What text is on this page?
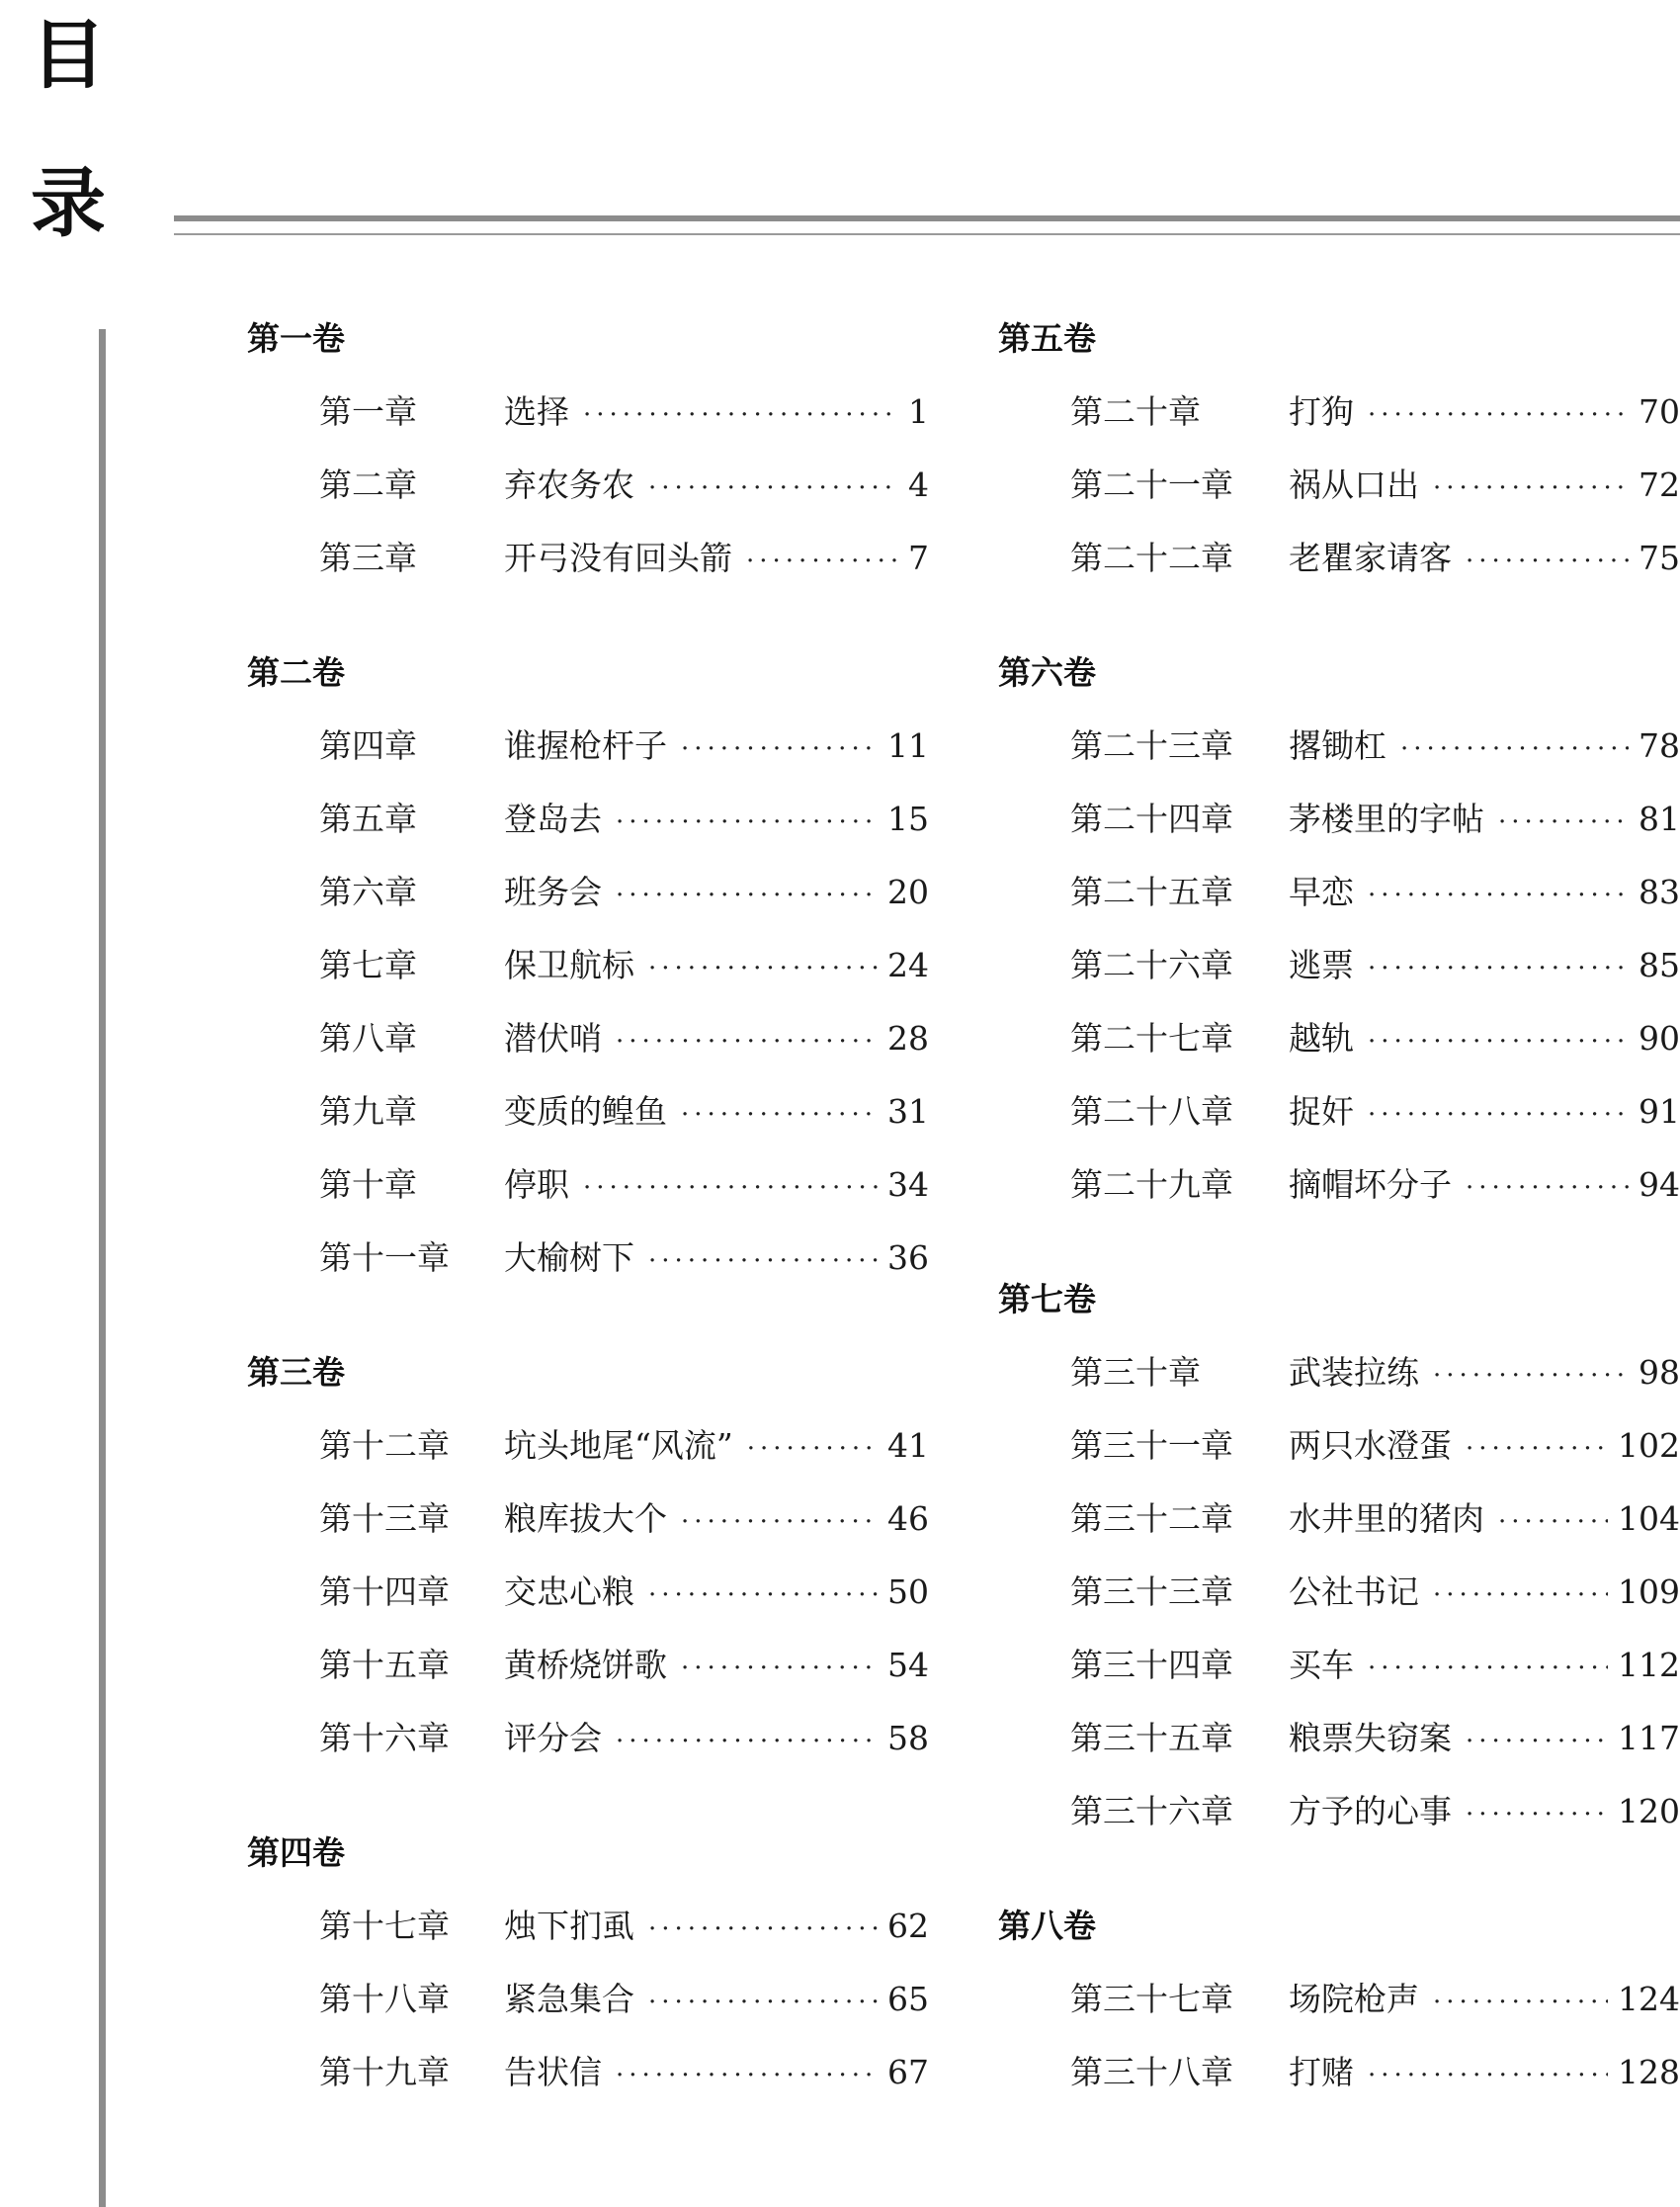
目
录
第一卷
第一章	选择 ·····	1
第二章	弃农务农 ·····	4
第三章	开弓没有回头箭 ·····	7
第二卷
第四章	谁握枪杆子 ·····	11
第五章	登岛去 ·····	15
第六章	班务会 ·····	20
第七章	保卫航标 ·····	24
第八章	潜伏哨 ·····	28
第九章	变质的鳇鱼 ·····	31
第十章	停职 ·····	34
第十一章	大榆树下 ·····	36
第三卷
第十二章	坑头地尾“风流” ·····	41
第十三章	粮库拔大个 ·····	46
第十四章	交忠心粮 ·····	50
第十五章	黄桥烧饼歌 ·····	54
第十六章	评分会 ·····	58
第四卷
第十七章	烛下扪虱 ·····	62
第十八章	紧急集合 ·····	65
第十九章	告状信 ·····	67
第五卷
第二十章	打狗 ·····	70
第二十一章	祸从口出 ·····	72
第二十二章	老瞿家请客 ·····	75
第六卷
第二十三章	撂锄杠 ·····	78
第二十四章	茅楼里的字帖 ·····	81
第二十五章	早恋 ·····	83
第二十六章	逃票 ·····	85
第二十七章	越轨 ·····	90
第二十八章	捉奸 ·····	91
第二十九章	摘帽坏分子 ·····	94
第七卷
第三十章	武装拉练 ·····	98
第三十一章	两只水澄蛋 ·····	102
第三十二章	水井里的猪肉 ·····	104
第三十三章	公社书记 ·····	109
第三十四章	买车 ·····	112
第三十五章	粮票失窃案 ·····	117
第三十六章	方予的心事 ·····	120
第八卷
第三十七章	场院枪声 ·····	124
第三十八章	打赌 ·····	128
